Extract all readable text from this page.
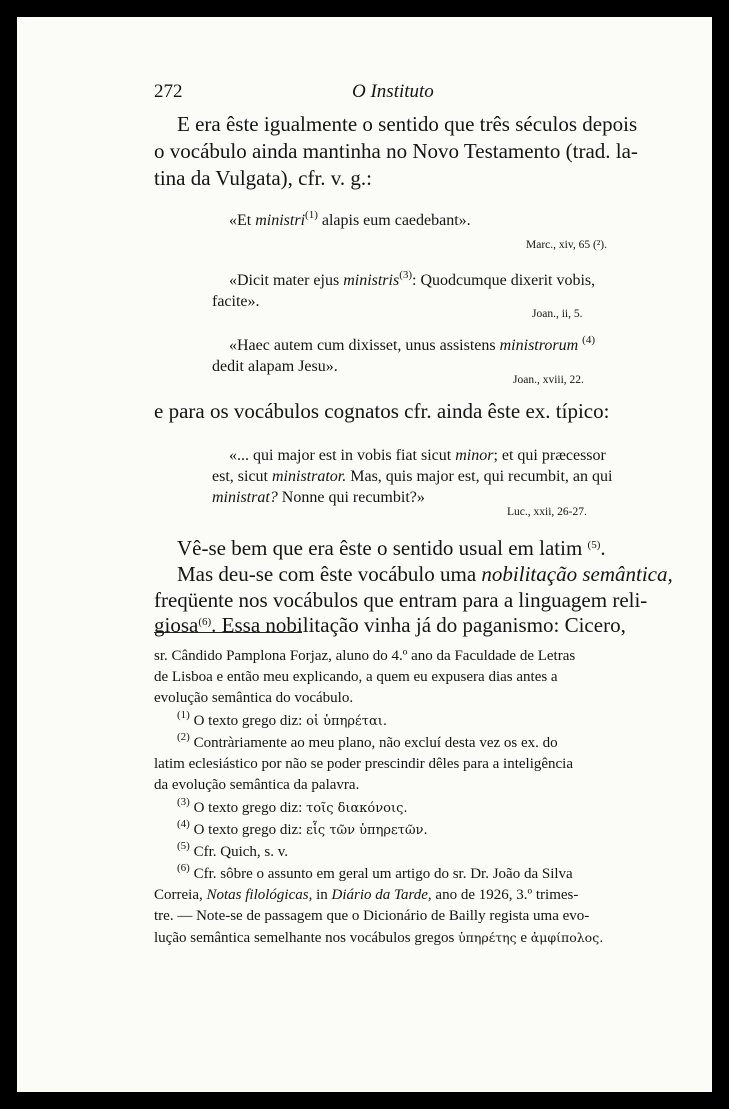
272	O Instituto

E era êste igualmente o sentido que três séculos depois

o vocábulo ainda mantinha no Novo Testamento (trad. la-

tina da Vulgata), cfr. v. g.:

«Et ministri$^{(1)}$ alapis eum caedebant».

Marc., xiv, 65 (²).

«Dicit mater ejus ministris$^{(3)}$: Quodcumque dixerit vobis,

facite».

Joan., ii, 5.

«Haec autem cum dixisset, unus assistens ministrorum $^{(4)}$

dedit alapam Jesu».

Joan., xviii, 22.

e para os vocábulos cognatos cfr. ainda êste ex. típico:

«... qui major est in vobis fiat sicut minor; et qui præcessor

est, sicut ministrator. Mas, quis major est, qui recumbit, an qui

ministrat? Nonne qui recumbit?»

Luc., xxii, 26-27.

Vê-se bem que era êste o sentido usual em latim $^{(5)}$.

Mas deu-se com êste vocábulo uma nobilitação semântica,

freqüente nos vocábulos que entram para a linguagem reli-

giosa$^{(6)}$. Essa nobilitação vinha já do paganismo: Cicero,

sr. Cândido Pamplona Forjaz, aluno do 4.º ano da Faculdade de Letras

de Lisboa e então meu explicando, a quem eu expusera dias antes a

evolução semântica do vocábulo.

$^{(1)}$ O texto grego diz: οἱ ὑπηρέται.

$^{(2)}$ Contràriamente ao meu plano, não excluí desta vez os ex. do

latim eclesiástico por não se poder prescindir dêles para a inteligência

da evolução semântica da palavra.

$^{(3)}$ O texto grego diz: τοῖς διακόνοις.

$^{(4)}$ O texto grego diz: εἷς τῶν ὑπηρετῶν.

$^{(5)}$ Cfr. Quich, s. v.

$^{(6)}$ Cfr. sôbre o assunto em geral um artigo do sr. Dr. João da Silva

Correia, Notas filológicas, in Diário da Tarde, ano de 1926, 3.º trimes-

tre. — Note-se de passagem que o Dicionário de Bailly regista uma evo-

lução semântica semelhante nos vocábulos gregos ὑπηρέτης e ἀμφίπολος.
